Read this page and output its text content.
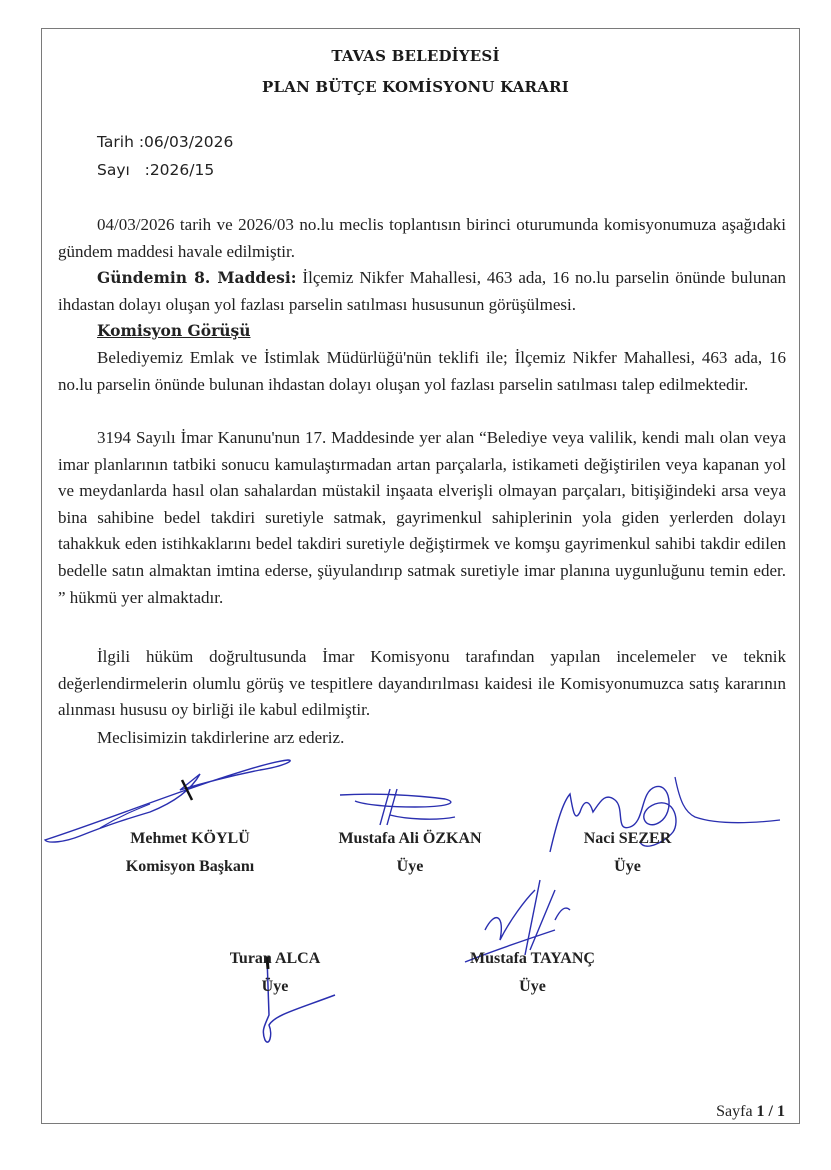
TAVAS BELEDİYESİ
PLAN BÜTÇE KOMİSYONU KARARI
Tarih :06/03/2026
Sayı   :2026/15
04/03/2026 tarih ve 2026/03 no.lu meclis toplantısın birinci oturumunda komisyonumuza aşağıdaki gündem maddesi havale edilmiştir.
Gündemin 8. Maddesi: İlçemiz Nikfer Mahallesi, 463 ada, 16 no.lu parselin önünde bulunan ihdastan dolayı oluşan yol fazlası parselin satılması hususunun görüşülmesi.
Komisyon Görüşü
Belediyemiz Emlak ve İstimlak Müdürlüğü'nün teklifi ile; İlçemiz Nikfer Mahallesi, 463 ada, 16 no.lu parselin önünde bulunan ihdastan dolayı oluşan yol fazlası parselin satılması talep edilmektedir.
3194 Sayılı İmar Kanunu'nun 17. Maddesinde yer alan “Belediye veya valilik, kendi malı olan veya imar planlarının tatbiki sonucu kamulaştırmadan artan parçalarla, istikameti değiştirilen veya kapanan yol ve meydanlarda hasıl olan sahalardan müstakil inşaata elverişli olmayan parçaları, bitişiğindeki arsa veya bina sahibine bedel takdiri suretiyle satmak, gayrimenkul sahiplerinin yola giden yerlerden dolayı tahakkuk eden istihkaklarını bedel takdiri suretiyle değiştirmek ve komşu gayrimenkul sahibi takdir edilen bedelle satın almaktan imtina ederse, şüyulandırıp satmak suretiyle imar planına uygunluğunu temin eder. ” hükmü yer almaktadır.
İlgili hüküm doğrultusunda İmar Komisyonu tarafından yapılan incelemeler ve teknik değerlendirmelerin olumlu görüş ve tespitlere dayandırılması kaidesi ile Komisyonumuzca satış kararının alınması hususu oy birliği ile kabul edilmiştir.
Meclisimizin takdirlerine arz ederiz.
Mehmet KÖYLÜ
Komisyon Başkanı
Mustafa Ali ÖZKAN
Üye
Naci SEZER
Üye
Turan ALCA
Üye
Mustafa TAYANÇ
Üye
Sayfa 1 / 1
